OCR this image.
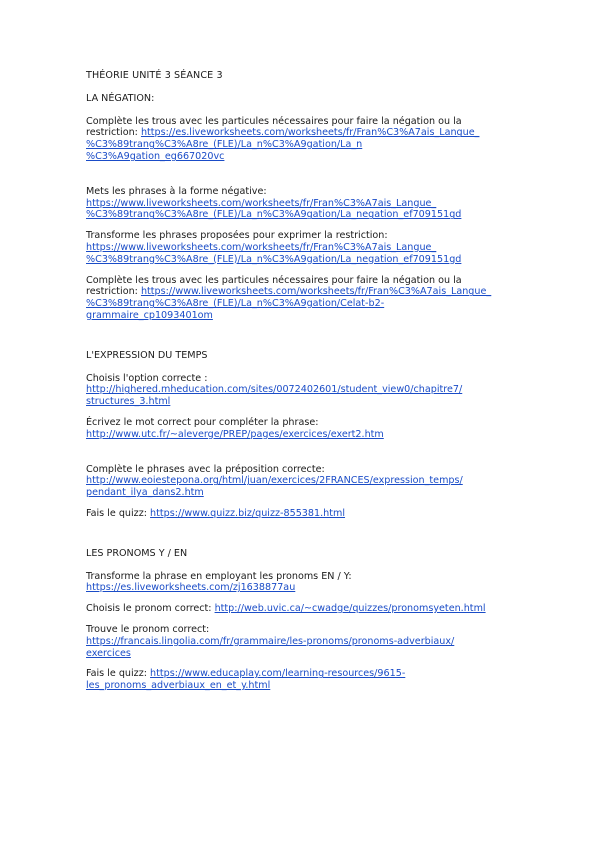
THÉORIE UNITÉ 3 SÉANCE 3
LA NÉGATION:
Complète les trous avec les particules nécessaires pour faire la négation ou la
restriction: https://es.liveworksheets.com/worksheets/fr/Fran%C3%A7ais_Langue_
%C3%89trang%C3%A8re_(FLE)/La_n%C3%A9gation/La_n
%C3%A9gation_eg667020vc
Mets les phrases à la forme négative:
https://www.liveworksheets.com/worksheets/fr/Fran%C3%A7ais_Langue_
%C3%89trang%C3%A8re_(FLE)/La_n%C3%A9gation/La_negation_ef709151gd
Transforme les phrases proposées pour exprimer la restriction:
https://www.liveworksheets.com/worksheets/fr/Fran%C3%A7ais_Langue_
%C3%89trang%C3%A8re_(FLE)/La_n%C3%A9gation/La_negation_ef709151gd
Complète les trous avec les particules nécessaires pour faire la négation ou la
restriction: https://www.liveworksheets.com/worksheets/fr/Fran%C3%A7ais_Langue_
%C3%89trang%C3%A8re_(FLE)/La_n%C3%A9gation/Celat-b2-
grammaire_cp1093401om
L'EXPRESSION DU TEMPS
Choisis l'option correcte :
http://highered.mheducation.com/sites/0072402601/student_view0/chapitre7/
structures_3.html
Écrivez le mot correct pour compléter la phrase:
http://www.utc.fr/~aleverge/PREP/pages/exercices/exert2.htm
Complète le phrases avec la préposition correcte:
http://www.eoiestepona.org/html/juan/exercices/2FRANCES/expression_temps/
pendant_ilya_dans2.htm
Fais le quizz: https://www.quizz.biz/quizz-855381.html
LES PRONOMS Y / EN
Transforme la phrase en employant les pronoms EN / Y:
https://es.liveworksheets.com/zj1638877au
Choisis le pronom correct: http://web.uvic.ca/~cwadge/quizzes/pronomsyeten.html
Trouve le pronom correct:
https://francais.lingolia.com/fr/grammaire/les-pronoms/pronoms-adverbiaux/
exercices
Fais le quizz: https://www.educaplay.com/learning-resources/9615-
les_pronoms_adverbiaux_en_et_y.html
